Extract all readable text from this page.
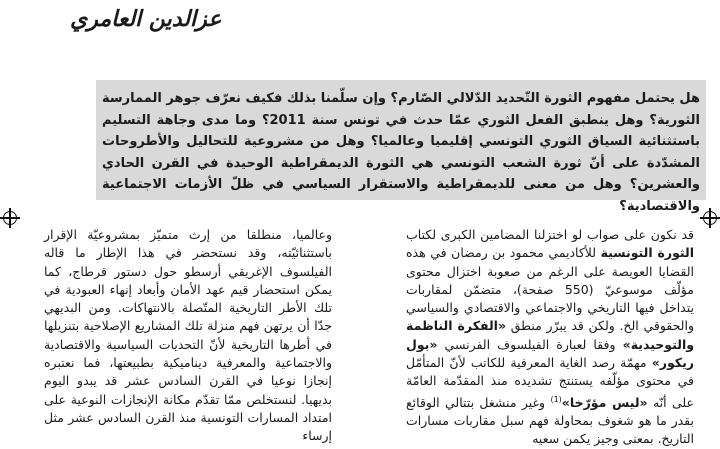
عزالدين العامري
هل يحتمل مفهوم الثورة التّحديد الدّلالي الصّارم؟ وإن سلّمنا بذلك فكيف نعرّف جوهر الممارسة الثورية؟ وهل ينطبق الفعل الثوري عمّا حدث في تونس سنة 2011؟ وما مدى وجاهة التسليم باستثنائية السياق الثوري التونسي إقليميا وعالميا؟ وهل من مشروعية للتحاليل والأطروحات المشدّدة على أنّ ثورة الشعب التونسي هي الثورة الديمقراطية الوحيدة في القرن الحادي والعشرين؟ وهل من معنى للديمقراطية والاستقرار السياسي في ظلّ الأزمات الاجتماعية والاقتصادية؟
قد نكون على صواب لو اختزلنا المضامين الكبرى لكتاب الثورة التونسية للأكاديمي محمود بن رمضان في هذه القضايا العويصة على الرغم من صعوبة اختزال محتوى مؤلّف موسوعيّ (550 صفحة)، متضمّن لمقاربات يتداخل فيها التاريخي والاجتماعي والاقتصادي والسياسي والحقوقي الخ. ولكن قد يبرّر منطق «الفكرة الناظمة والتوحيدية» وفقا لعبارة الفيلسوف الفرنسي «بول ريكور» مهمّة رصد الغاية المعرفية للكاتب لأنّ المتأمّل في محتوى مؤلّفه يستنتج تشديده منذ المقدّمة العامّة على أنّه «ليس مؤرّخا»$^{(1)}$ وغير منشغل بتتالي الوقائع بقدر ما هو شغوف بمحاولة فهم سبل مقاربات مسارات التاريخ. بمعنى وجيز يكمن سعيه
وعالميا، منطلقا من إرث متميّز بمشروعيّة الإقرار باستثنائيّته، وقد نستحضر في هذا الإطار ما قاله الفيلسوف الإغريقي أرسطو حول دستور قرطاج، كما يمكن استحضار قيم عهد الأمان وأبعاد إنهاء العبودية في تلك الأطر التاريخية المتّصلة بالانتهاكات. ومن البديهي جدّا أن يرتهن فهم منزلة تلك المشاريع الإصلاحية بتنزيلها في أطرها التاريخية لأنّ التحديات السياسية والاقتصادية والاجتماعية والمعرفية ديناميكية بطبيعتها، فما نعتبره إنجازا نوعيا في القرن السادس عشر قد يبدو اليوم بديهيا. لنستخلص ممّا تقدّم مكانة الإنجازات النوعية على امتداد المسارات التونسية منذ القرن السادس عشر مثل إرساء
